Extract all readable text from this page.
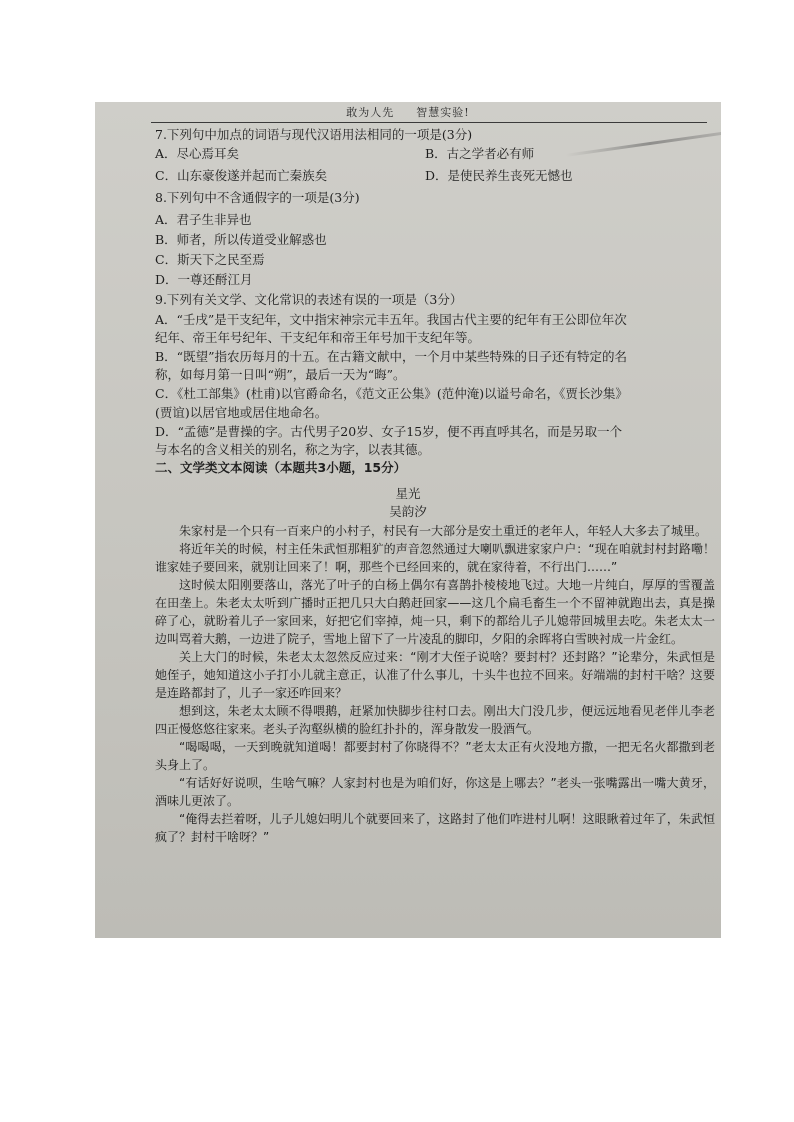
敢为人先 智慧实验!
7.下列句中加点的词语与现代汉语用法相同的一项是(3分)
A．尽心焉耳矣	B．古之学者必有师
C．山东豪俊遂并起而亡秦族矣	D．是使民养生丧死无憾也
8.下列句中不含通假字的一项是(3分)
A．君子生非异也
B．师者，所以传道受业解惑也
C．斯天下之民至焉
D．一尊还酹江月
9.下列有关文学、文化常识的表述有误的一项是（3分）
A．“壬戌”是干支纪年，文中指宋神宗元丰五年。我国古代主要的纪年有王公即位年次
纪年、帝王年号纪年、干支纪年和帝王年号加干支纪年等。
B．“既望”指农历每月的十五。在古籍文献中，一个月中某些特殊的日子还有特定的名
称，如每月第一日叫“朔”，最后一天为“晦”。
C．《杜工部集》(杜甫)以官爵命名，《范文正公集》(范仲淹)以谥号命名，《贾长沙集》
(贾谊)以居官地或居住地命名。
D．“孟德”是曹操的字。古代男子20岁、女子15岁，便不再直呼其名，而是另取一个
与本名的含义相关的别名，称之为字，以表其德。
二、文学类文本阅读（本题共3小题，15分）
星光
吴韵汐

朱家村是一个只有一百来户的小村子，村民有一大部分是安土重迁的老年人，年轻人大多去了城里。

将近年关的时候，村主任朱武恒那粗犷的声音忽然通过大喇叭飘进家家户户：“现在咱就封村封路嘞！谁家娃子要回来，就别让回来了！啊，那些个已经回来的，就在家待着，不行出门……”

这时候太阳刚要落山，落光了叶子的白杨上偶尔有喜鹊扑棱棱地飞过。大地一片纯白，厚厚的雪覆盖在田垄上。朱老太太听到广播时正把几只大白鹅赶回家——这几个扁毛畜生一个不留神就跑出去，真是操碎了心，就盼着儿子一家回来，好把它们宰掉，炖一只，剩下的都给儿子儿媳带回城里去吃。朱老太太一边叫骂着大鹅，一边进了院子，雪地上留下了一片凌乱的脚印，夕阳的余晖将白雪映衬成一片金红。

关上大门的时候，朱老太太忽然反应过来：“刚才大侄子说啥？要封村？还封路？”论辈分，朱武恒是她侄子，她知道这小子打小儿就主意正，认准了什么事儿，十头牛也拉不回来。好端端的封村干啥？这要是连路都封了，儿子一家还咋回来？

想到这，朱老太太顾不得喂鹅，赶紧加快脚步往村口去。刚出大门没几步，便远远地看见老伴儿李老四正慢悠悠往家来。老头子沟壑纵横的脸红扑扑的，浑身散发一股酒气。

“喝喝喝，一天到晚就知道喝！都要封村了你晓得不？”老太太正有火没地方撒，一把无名火都撒到老头身上了。

“有话好好说呗，生啥气嘛？人家封村也是为咱们好，你这是上哪去？”老头一张嘴露出一嘴大黄牙，酒味儿更浓了。

“俺得去拦着呀，儿子儿媳妇明儿个就要回来了，这路封了他们咋进村儿啊！这眼瞅着过年了，朱武恒疯了？封村干啥呀？”
